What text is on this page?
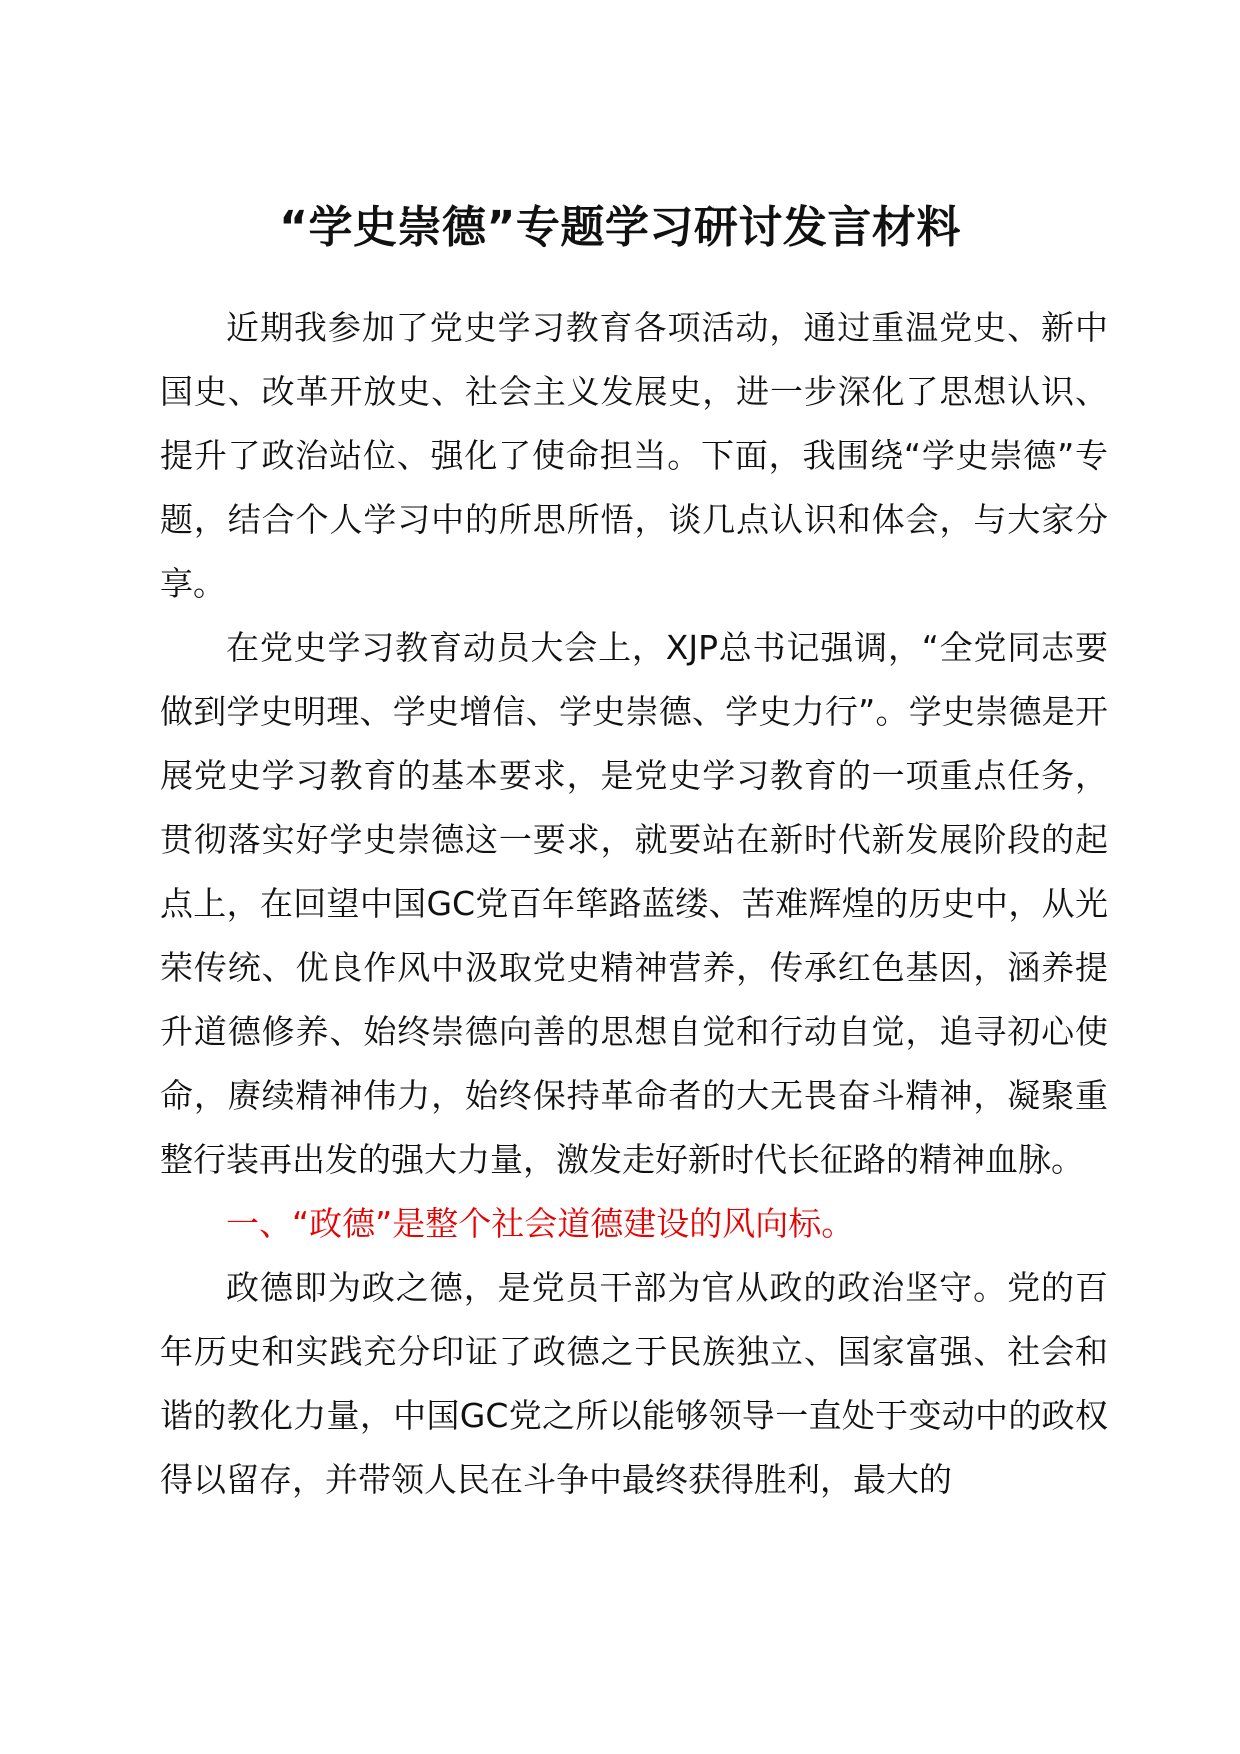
“学史崇德”专题学习研讨发言材料

近期我参加了党史学习教育各项活动，通过重温党史、新中国史、改革开放史、社会主义发展史，进一步深化了思想认识、提升了政治站位、强化了使命担当。下面，我围绕“学史崇德”专题，结合个人学习中的所思所悟，谈几点认识和体会，与大家分享。

在党史学习教育动员大会上，XJP总书记强调，“全党同志要做到学史明理、学史增信、学史崇德、学史力行”。学史崇德是开展党史学习教育的基本要求，是党史学习教育的一项重点任务，贯彻落实好学史崇德这一要求，就要站在新时代新发展阶段的起点上，在回望中国GC党百年筚路蓝缕、苦难辉煌的历史中，从光荣传统、优良作风中汲取党史精神营养，传承红色基因，涵养提升道德修养、始终崇德向善的思想自觉和行动自觉，追寻初心使命，赓续精神伟力，始终保持革命者的大无畏奋斗精神，凝聚重整行装再出发的强大力量，激发走好新时代长征路的精神血脉。

一、“政德”是整个社会道德建设的风向标。

政德即为政之德，是党员干部为官从政的政治坚守。党的百年历史和实践充分印证了政德之于民族独立、国家富强、社会和谐的教化力量，中国GC党之所以能够领导一直处于变动中的政权得以留存，并带领人民在斗争中最终获得胜利，最大的
